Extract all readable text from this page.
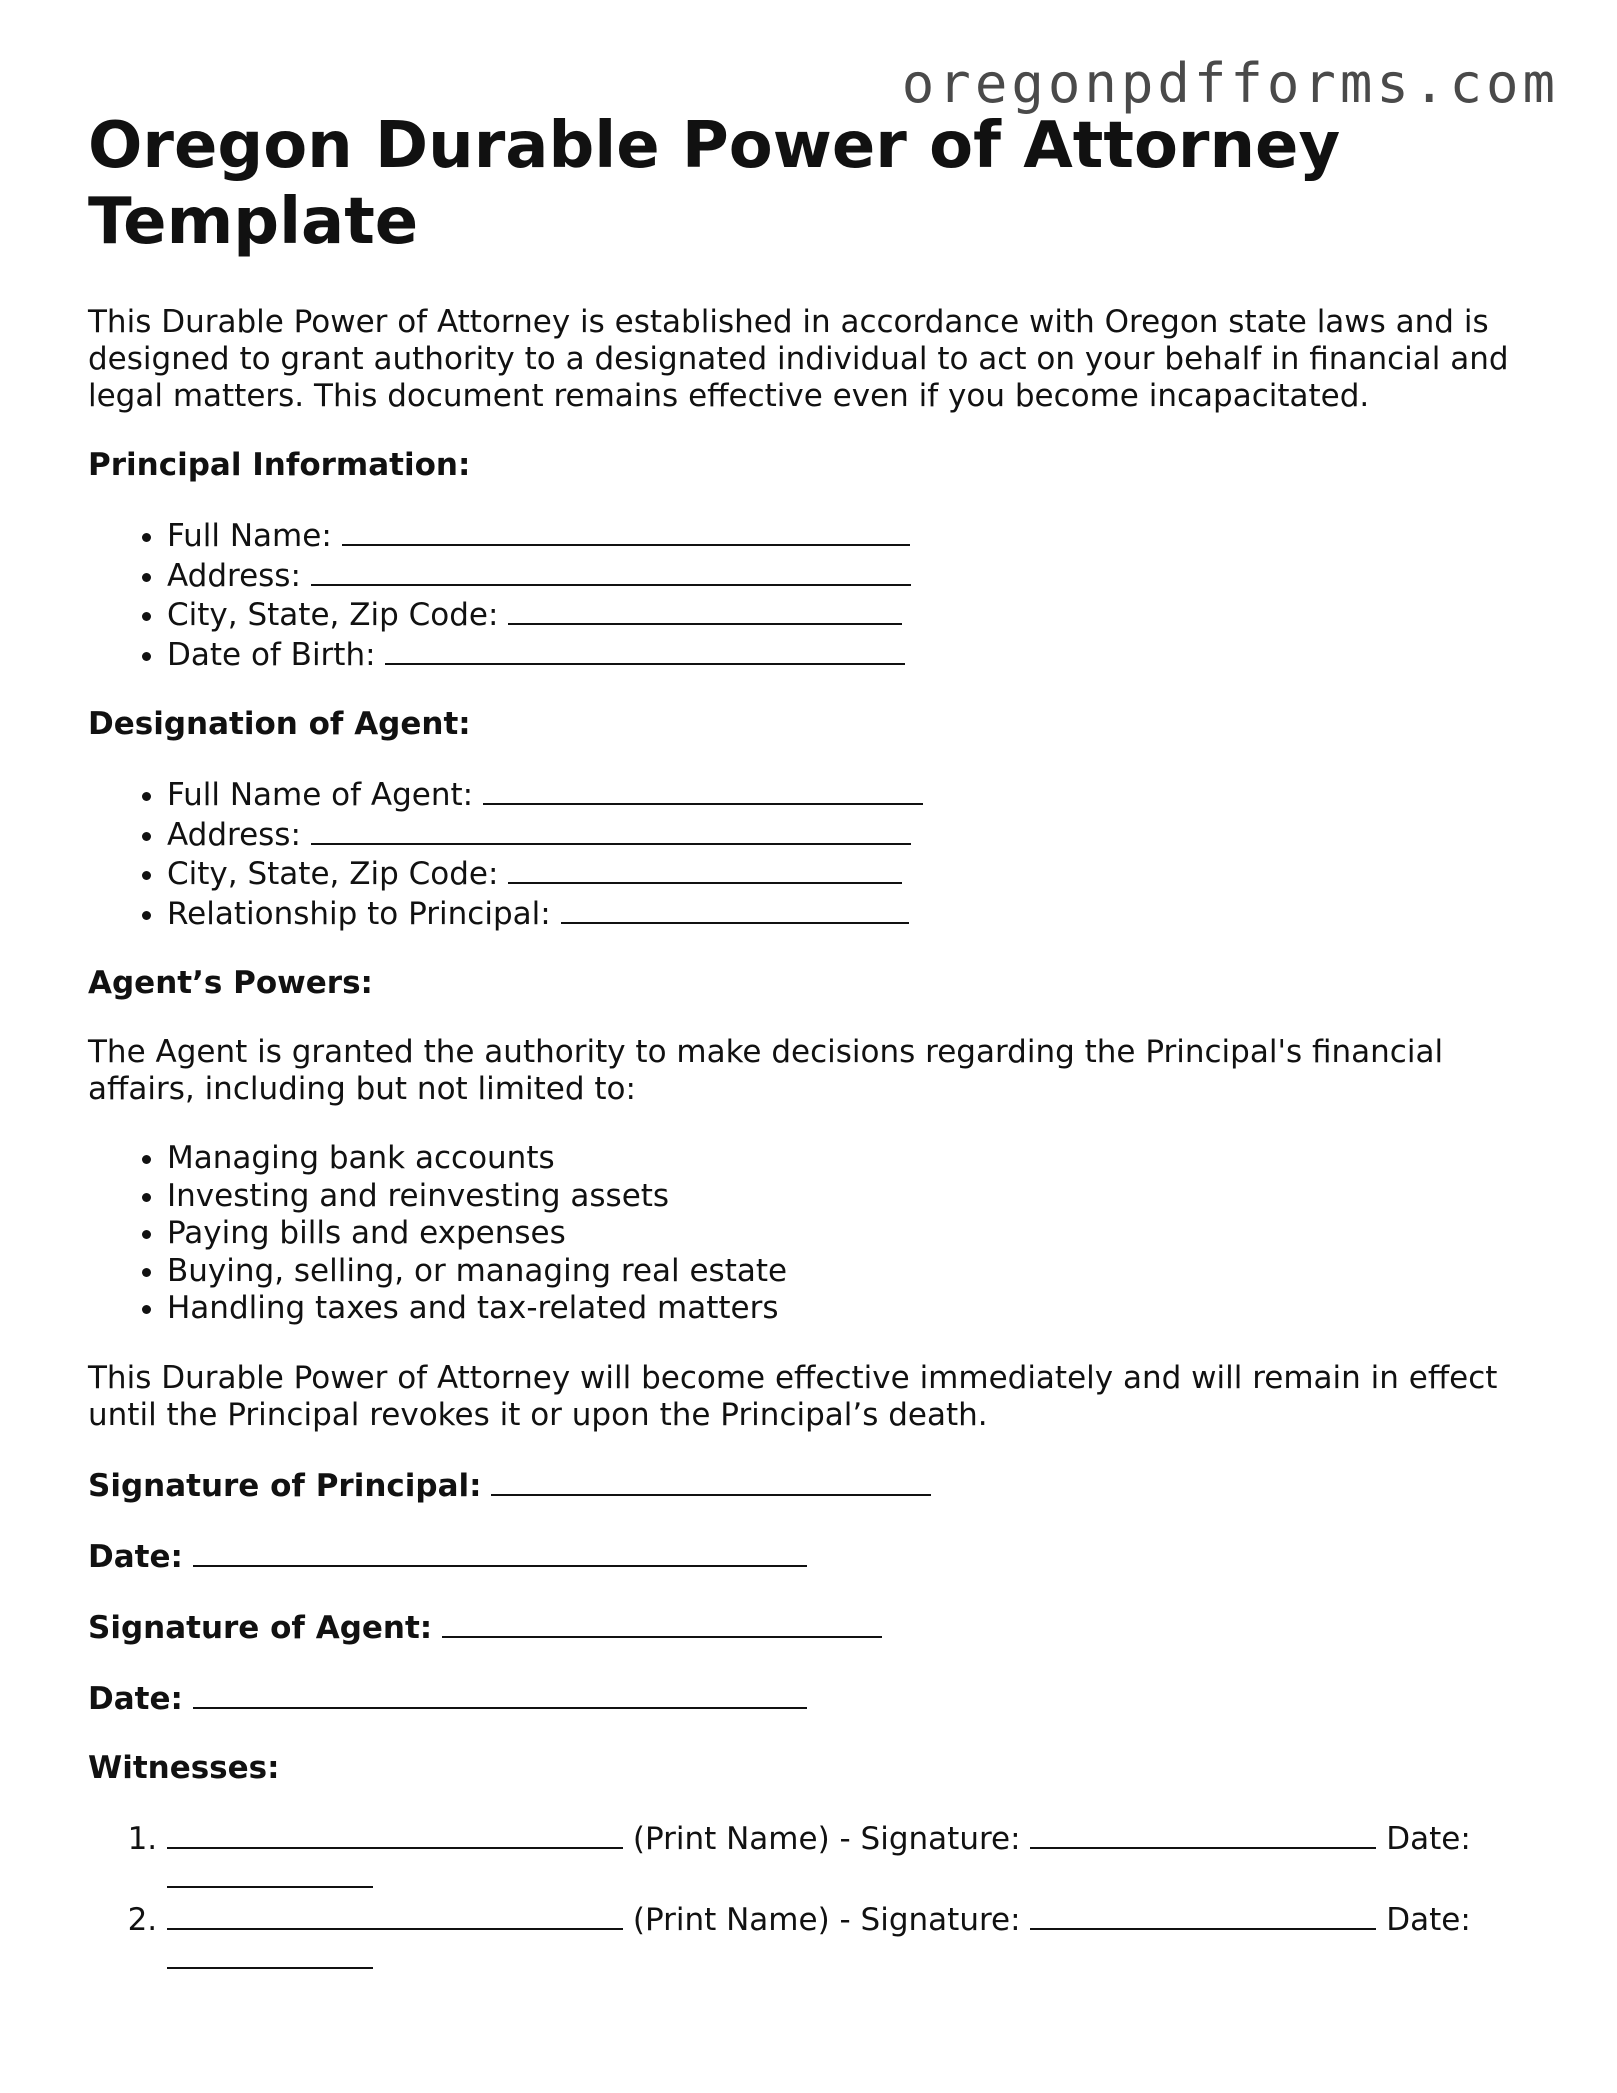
oregonpdfforms.com
Oregon Durable Power of Attorney Template

This Durable Power of Attorney is established in accordance with Oregon state laws and is designed to grant authority to a designated individual to act on your behalf in financial and legal matters. This document remains effective even if you become incapacitated.

Principal Information:
• Full Name:
• Address:
• City, State, Zip Code:
• Date of Birth:
Designation of Agent:
• Full Name of Agent:
• Address:
• City, State, Zip Code:
• Relationship to Principal:
Agent’s Powers:

The Agent is granted the authority to make decisions regarding the Principal's financial affairs, including but not limited to:

• Managing bank accounts
• Investing and reinvesting assets
• Paying bills and expenses
• Buying, selling, or managing real estate
• Handling taxes and tax-related matters

This Durable Power of Attorney will become effective immediately and will remain in effect until the Principal revokes it or upon the Principal’s death.

Signature of Principal:
Date:
Signature of Agent:
Date:
Witnesses:
1. (Print Name) - Signature:	Date:
2. (Print Name) - Signature:	Date:
